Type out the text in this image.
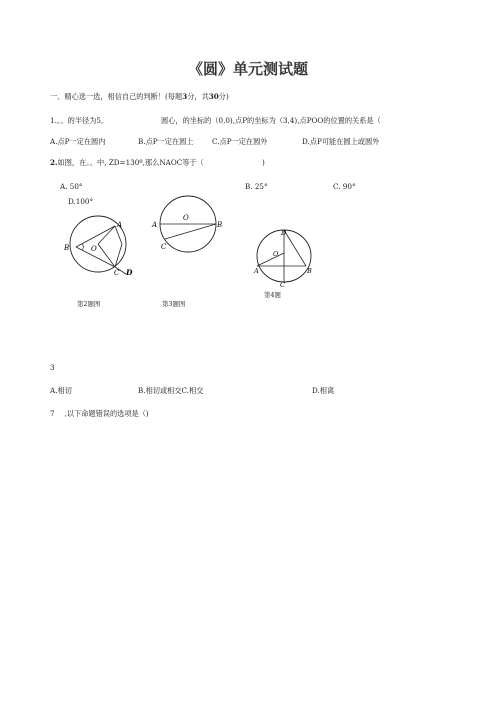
《圆》单元测试题
一、精心选一选，相信自己的判断！(每题3分，共30分)
1.。。的半径为5,	圆心，的坐标的（0,0),点P的坐标为（3,4),点POO的位置的关系是（
A.点P一定在圆内	B.点P一定在圆上	C.点P一定在圆外	D.点P可能在圆上或圆外
2.如图，在。。中, ZD=130º,那么NAOC等于（	)
A. 50°	B. 25°	C. 90°
D.100°
A
B	O
C D
O
A	B
C
D
O
A	B
C
第2题图	第3题图
第4题
3
A.相切	B.相切或相交C.相交	D.相离
7 ,以下命题错误的选项是（)
